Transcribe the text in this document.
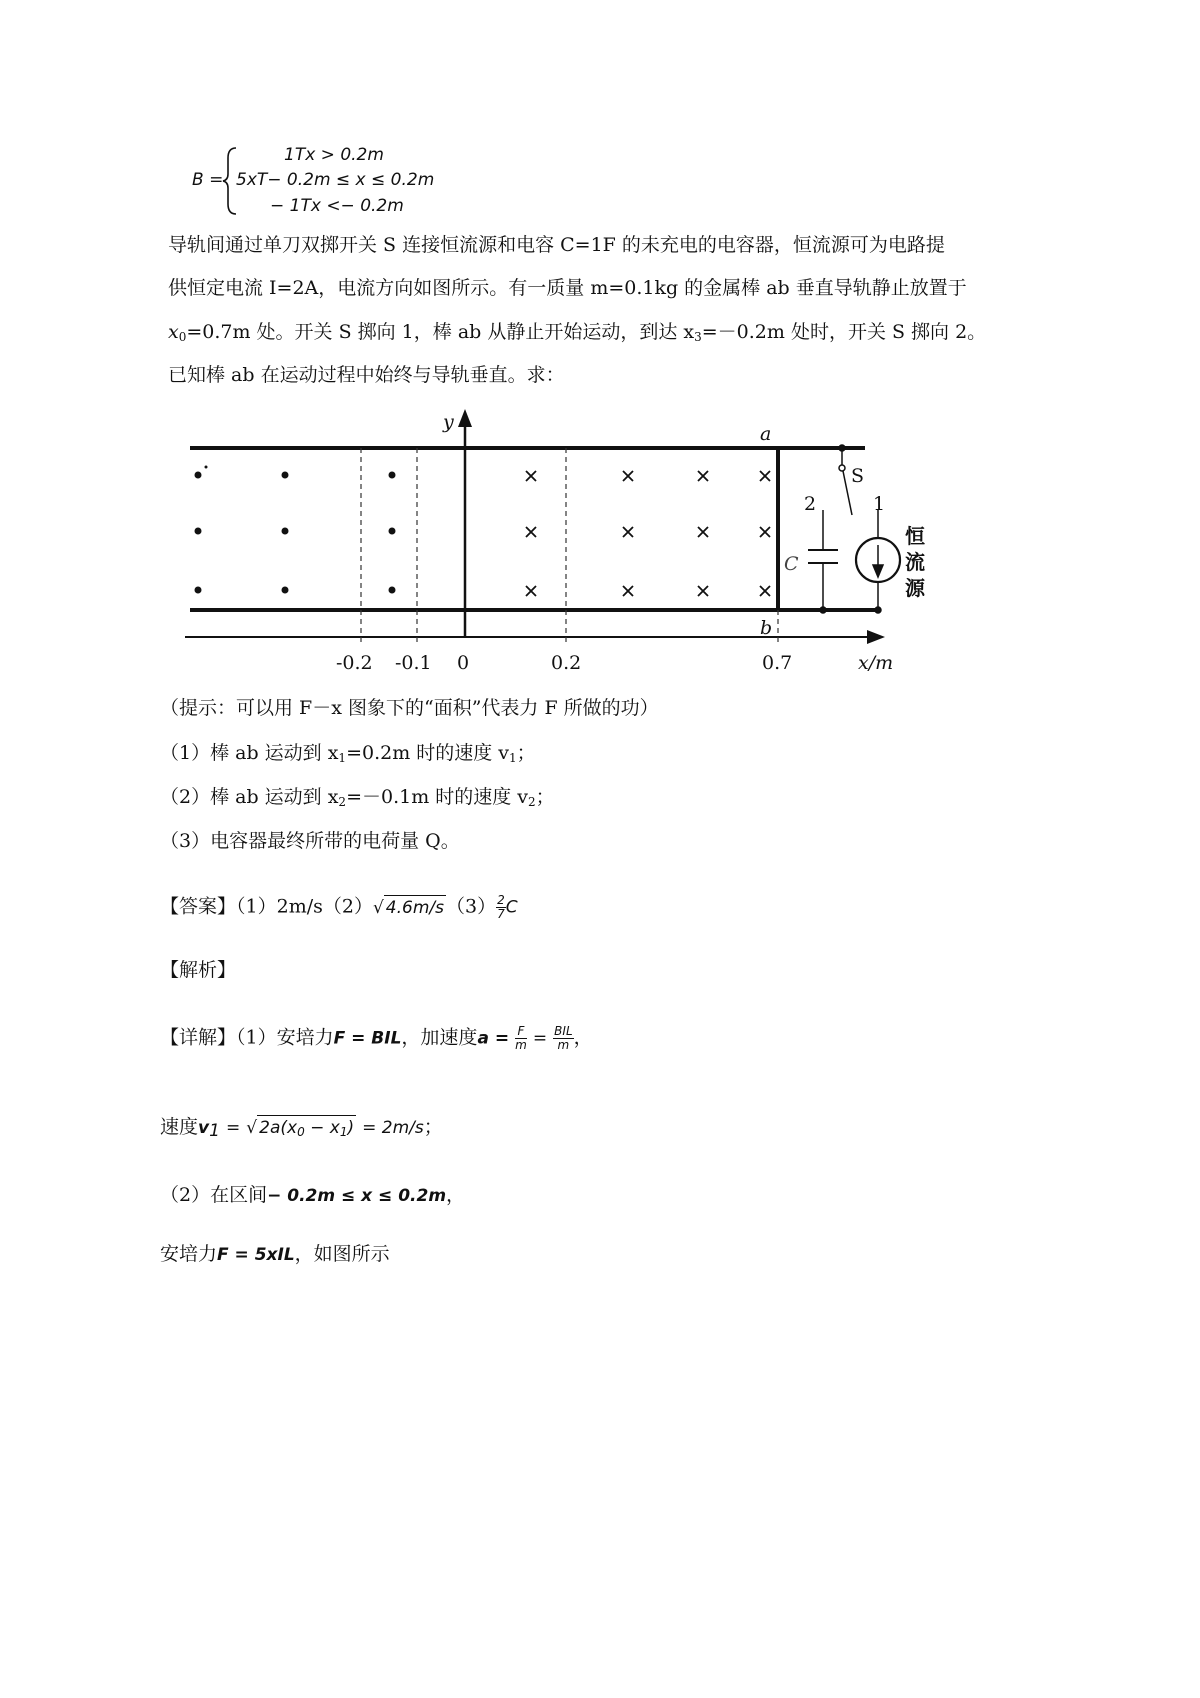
B =
1Tx > 0.2m
5xT− 0.2m ≤ x ≤ 0.2m
− 1Tx <− 0.2m
导轨间通过单刀双掷开关 S 连接恒流源和电容 C=1F 的未充电的电容器，恒流源可为电路提
供恒定电流 I=2A，电流方向如图所示。有一质量 m=0.1kg 的金属棒 ab 垂直导轨静止放置于
$x_0=0.7m$ 处。开关 S 掷向 1，棒 ab 从静止开始运动，到达 $x_3=-0.2m$ 处时，开关 S 掷向 2。
已知棒 ab 在运动过程中始终与导轨垂直。求：
y
a
b
S
2	1
C
恒
流
源
-0.2 -0.1 0	0.2	0.7	x/m
（提示：可以用 F－x 图象下的“面积”代表力 F 所做的功）
（1）棒 ab 运动到 $x_1=0.2m$ 时的速度 $v_1$；
（2）棒 ab 运动到 $x_2=-0.1m$ 时的速度 $v_2$；
（3）电容器最终所带的电荷量 Q。
【答案】（1）2m/s（2）√ 4.6m/s $(3) \frac{2}{7}$ C
【解析】
【详解】（1）安培力F = BIL，加速度$a = \frac{F}{m} = \frac{\text{BIL}}{m}$ ，
速度$v_1$ = √ $2a(x_0 - x_1) = 2m/s$；
（2）在区间− 0.2m ≤ x ≤ 0.2m，
安培力F = 5xIL，如图所示
